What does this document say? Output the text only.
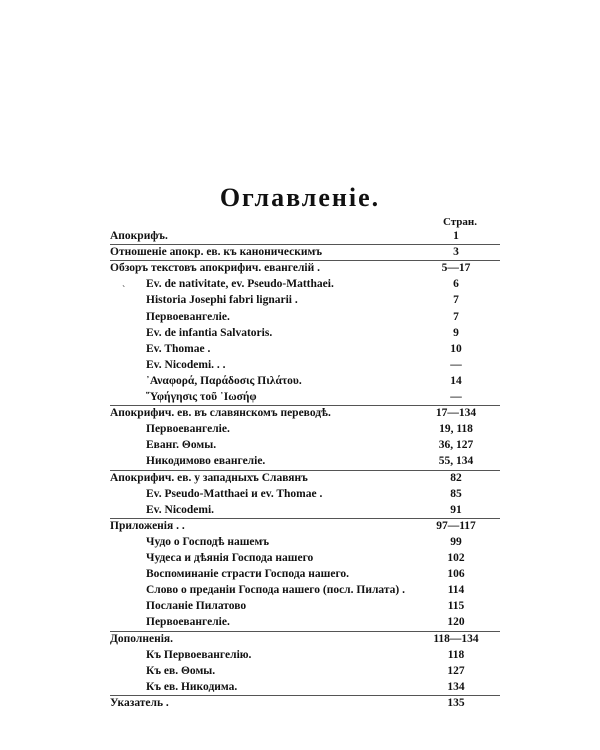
Оглавленiе.
Стран.
`
Апокрифъ.	1
Отношенiе апокр. ев. къ каноническимъ	3
Обзоръ текстовъ апокрифич. евангелiй .	5—17
Ev. de nativitate, ev. Pseudo-Matthaei.	6
Historia Josephi fabri lignarii .	7
Первоевангелiе.	7
Ev. de infantia Salvatoris.	9
Ev. Thomae .	10
Ev. Nicodemi. . .	—
᾿Αναφορά, Παράδοσις Πιλάτου.	14
῞Υφήγησις τοῦ ᾿Ιωσήφ	—
Апокрифич. ев. въ славянскомъ переводѣ.	17—134
Первоевангелiе.	19, 118
Еванг. Θомы.	36, 127
Никодимово евангелiе.	55, 134
Апокрифич. ев. у западныхъ Славянъ	82
Ev. Pseudo-Matthaei и ev. Thomae .	85
Ev. Nicodemi.	91
Приложенiя . .	97—117
Чудо о Господѣ нашемъ	99
Чудеса и дѣянiя Господа нашего	102
Воспоминанiе страсти Господа нашего.	106
Слово о преданiи Господа нашего (посл. Пилата) .	114
Посланiе Пилатово	115
Первоевангелiе.	120
Дополненiя.	118—134
Къ Первоевангелiю.	118
Къ ев. Θомы.	127
Къ ев. Никодима.	134
Указатель .	135
